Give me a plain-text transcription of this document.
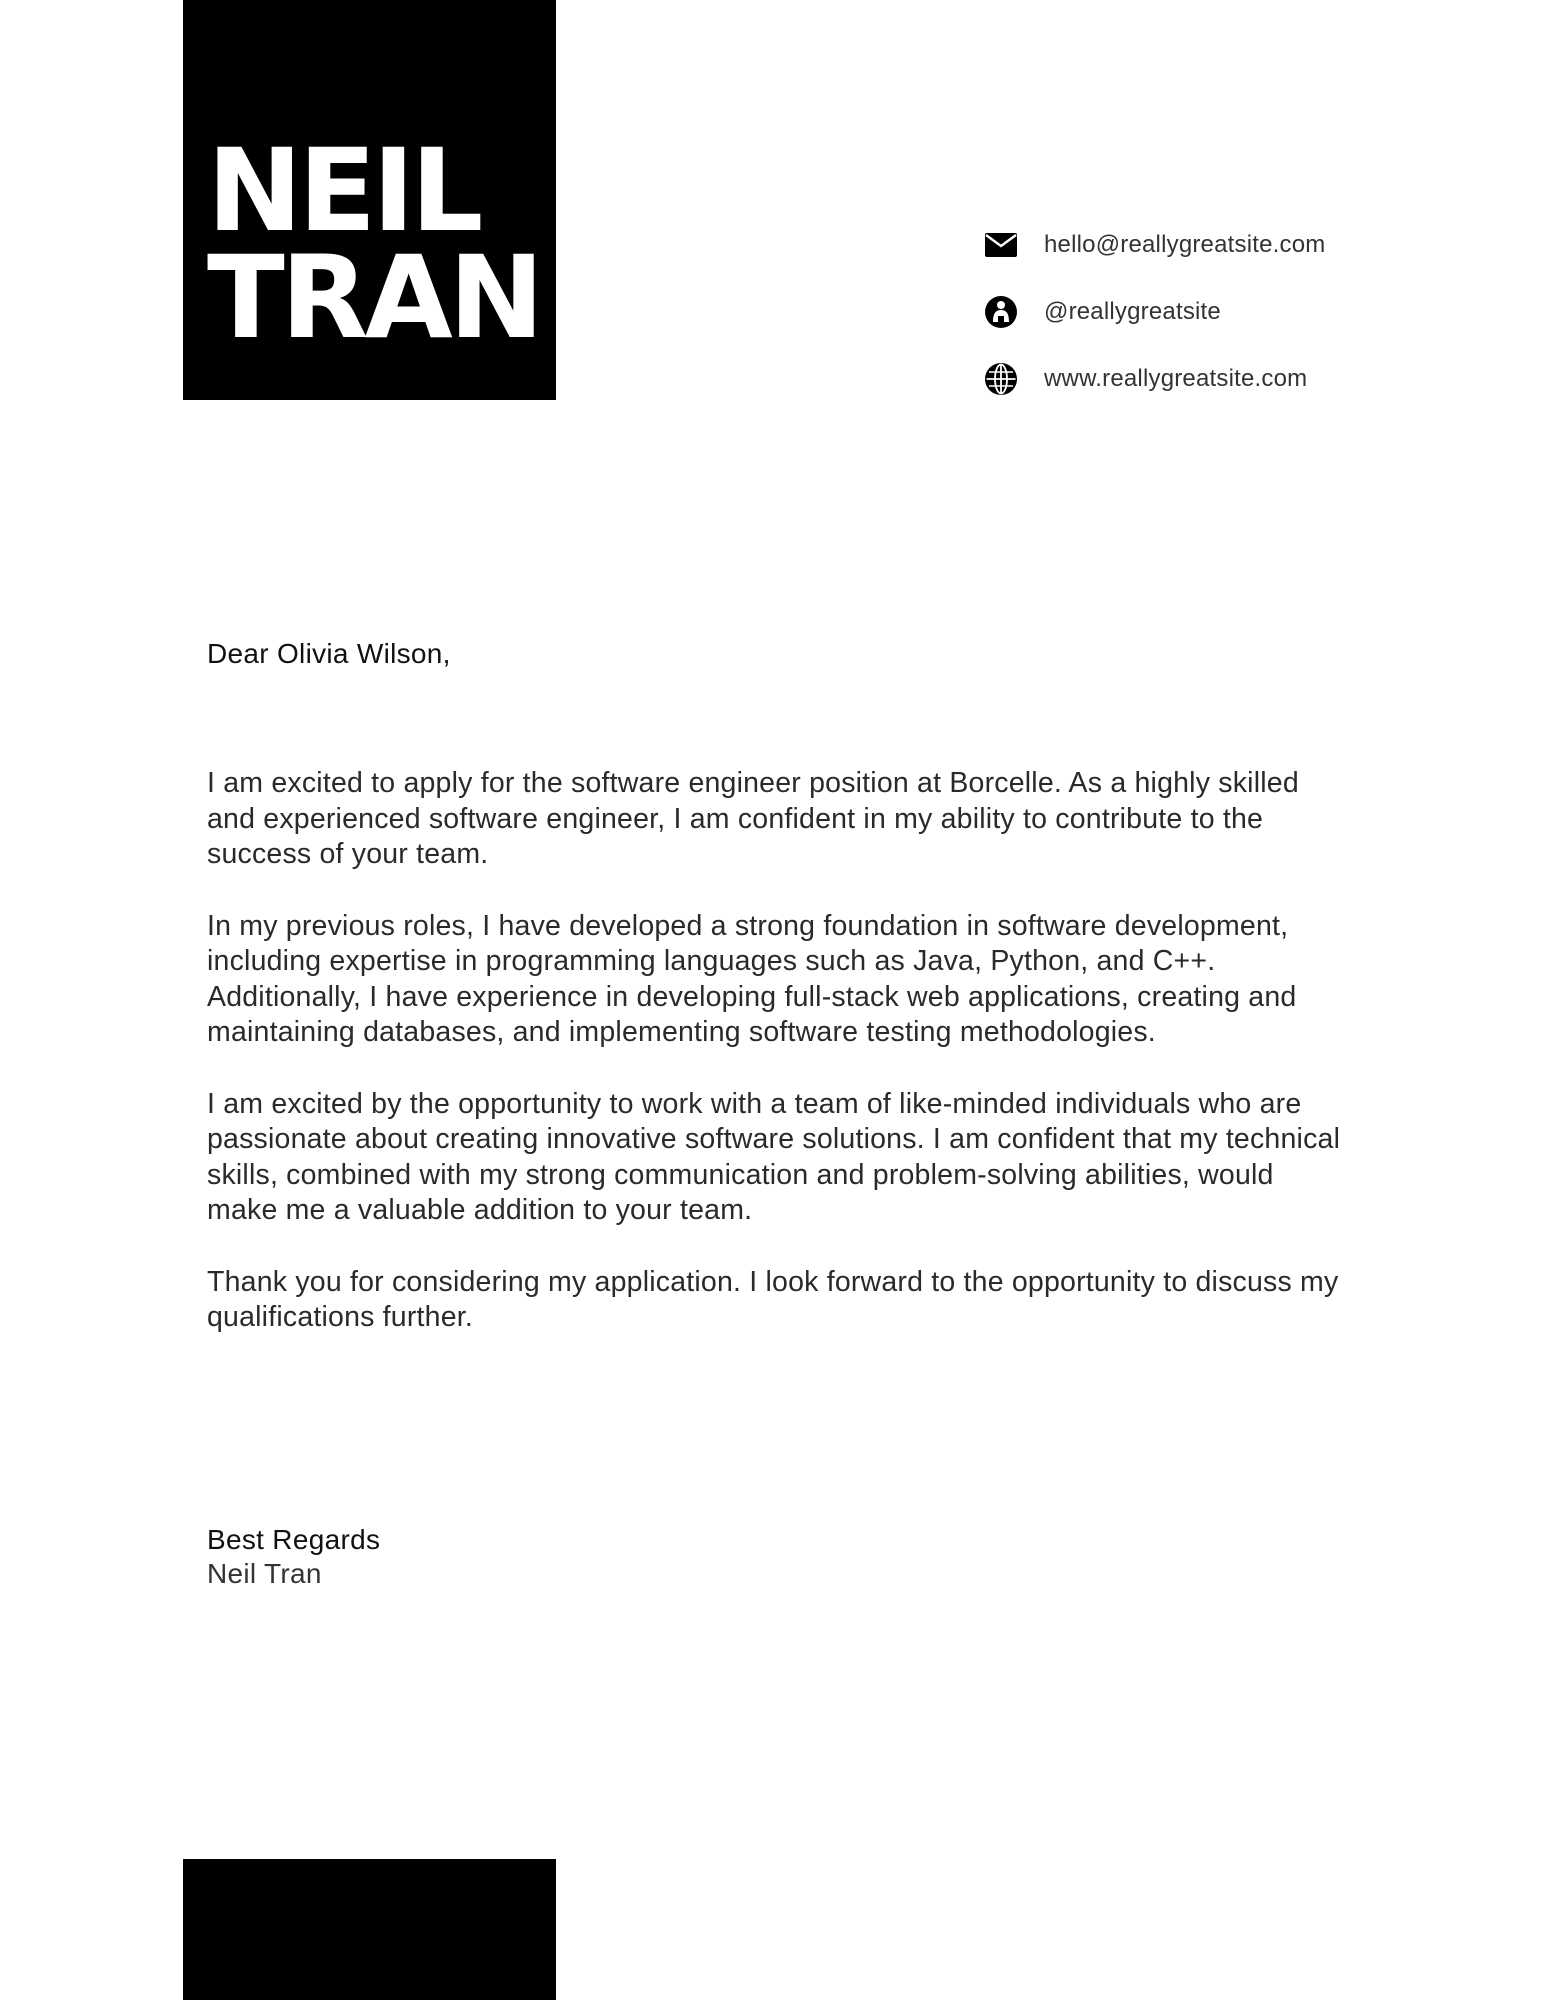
NEIL
TRAN	hello@reallygreatsite.com
@reallygreatsite
www.reallygreatsite.com
Dear Olivia Wilson,

I am excited to apply for the software engineer position at Borcelle. As a highly skilled and experienced software engineer, I am confident in my ability to contribute to the success of your team.

In my previous roles, I have developed a strong foundation in software development, including expertise in programming languages such as Java, Python, and C++. Additionally, I have experience in developing full-stack web applications, creating and maintaining databases, and implementing software testing methodologies.

I am excited by the opportunity to work with a team of like-minded individuals who are passionate about creating innovative software solutions. I am confident that my technical skills, combined with my strong communication and problem-solving abilities, would make me a valuable addition to your team.

Thank you for considering my application. I look forward to the opportunity to discuss my qualifications further.

Best Regards
Neil Tran
